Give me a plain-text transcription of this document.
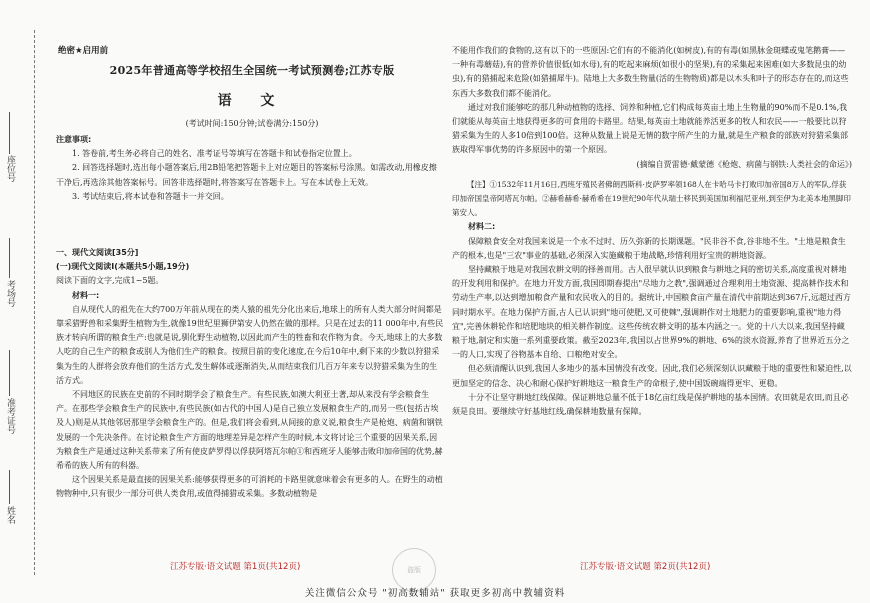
座位号
考场号
准考证号
姓名
绝密★启用前
2025年普通高等学校招生全国统一考试预测卷;江苏专版
语 文
(考试时间:150分钟;试卷满分:150分)

注意事项:

1. 答卷前,考生务必将自己的姓名、准考证号等填写在答题卡和试卷指定位置上。

2. 回答选择题时,选出每小题答案后,用2B铅笔把答题卡上对应题目的答案标号涂黑。如需改动,用橡皮擦干净后,再选涂其他答案标号。回答非选择题时,将答案写在答题卡上。写在本试卷上无效。

3. 考试结束后,将本试卷和答题卡一并交回。

一、现代文阅读[35分]

(一)现代文阅读Ⅰ(本题共5小题,19分)

阅读下面的文字,完成1~5题。

材料一:

自从现代人的祖先在大约700万年前从现在的类人猿的祖先分化出来后,地球上的所有人类大部分时间都是靠采猎野兽和采集野生植物为生,就像19世纪里狮伊第安人仍然在做的那样。只是在过去的11 000年中,有些民族才转向所谓的粮食生产:也就是说,驯化野生动植物,以因此而产生的牲畜和农作物为食。今天,地球上的大多数人吃的自己生产的粮食或别人为他们生产的粮食。按照目前的变化速度,在今后10年中,剩下来的少数以狩猎采集为生的人群将会放弃他们的生活方式,发生解体或逐渐消失,从而结束我们几百万年来专以狩猎采集为生的生活方式。

不同地区的民族在史前的不同时期学会了粮食生产。有些民族,如澳大利亚土著,却从来没有学会粮食生产。在那些学会粮食生产的民族中,有些民族(如古代的中国人)是自己独立发展粮食生产的,而另一些(包括古埃及人)则是从其他邻居那里学会粮食生产的。但是,我们将会看到,从间接的意义说,粮食生产是枪炮、病菌和钢铁发展的一个先决条件。在讨论粮食生产方面的地理差异是怎样产生的时候,本文将讨论三个重要的因果关系,因为粮食生产是通过这种关系带来了所有使皮萨罗得以俘获阿塔瓦尔帕①和西班牙人能够击败印加帝国的优势,赫希希的族人所有的科器。

这个因果关系是最直接的因果关系:能够获得更多的可消耗的卡路里就意味着会有更多的人。在野生的动植物物种中,只有很少一部分可供人类食用,或值得捕猎或采集。多数动植物是

不能用作我们的食物的,这有以下的一些原因:它们有的不能消化(如树皮),有的有毒(如黑脉金斑蝶或鬼笔鹅膏——一种有毒蘑菇),有的营养价值很低(如水母),有的吃起来麻烦(如很小的坚果),有的采集起来困难(如大多数昆虫的幼虫),有的猎捕起来危险(如猎捕犀牛)。陆地上大多数生物量(活的生物物质)都是以木头和叶子的形态存在的,而这些东西大多数我们都不能消化。

通过对我们能够吃的那几种动植物的选择、饲养和种植,它们构成每英亩土地上生物量的90%而不是0.1%,我们就能从每英亩土地获得更多的可食用的卡路里。结果,每英亩土地就能养活更多的牧人和农民——一般要比以狩猎采集为生的人多10倍到100倍。这种从数量上说是无情的数字所产生的力量,就是生产粮食的部族对狩猎采集部族取得军事优势的许多原因中的第一个原因。

(摘编自贾雷德·戴蒙德《枪炮、病菌与钢铁:人类社会的命运》)

【注】①1532年11月16日,西班牙殖民者佛朗西斯科·皮萨罗率领168人在卡哈马卡打败印加帝国8万人的军队,俘获印加帝国皇帝阿塔瓦尔帕。②赫希赫希·赫希希在19世纪90年代从瑞士移民到美国加利福尼亚州,到至伊为北美本地黑脚印第安人。

材料二:

保障粮食安全对我国来说是一个永不过时、历久弥新的长期课题。"民非谷不食,谷非地不生。"土地是粮食生产的根本,也是"三农"事业的基础,必须深入实施藏粮于地战略,珍惜利用好宝贵的耕地资源。

坚持藏粮于地是对我国农耕文明的择善而用。古人很早就认识到粮食与耕地之间的密切关系,高度重视对耕地的开发利用和保护。在地力开发方面,我国即期春提出"尽地力之教",强调通过合理利用土地资源、提高耕作技术和劳动生产率,以达到增加粮食产量和农民收入的目的。据统计,中国粮食亩产量在清代中前期达到367斤,远超过西方同时期水平。在地力保护方面,古人已认识到"地可使肥,又可使棘",强调耕作对土地肥力的重要影响,重视"地力得宜",完善休耕轮作和培肥地块的相关耕作制度。这些传统农耕文明的基本内涵之一。党的十八大以来,我国坚持藏粮于地,制定和实施一系列重要政策。截至2023年,我国以占世界9%的耕地、6%的淡水资源,养育了世界近五分之一的人口,实现了谷物基本自给、口粮绝对安全。

但必须清醒认识到,我国人多地少的基本国情没有改变。因此,我们必须深刻认识藏粮于地的重要性和紧迫性,以更加坚定的信念、决心和耐心保护好耕地这一粮食生产的命根子,使中国饭碗端得更牢、更稳。

十分不让坚守耕地红线保障。保证耕地总量不低于18亿亩红线是保护耕地的基本国情。农田就是农田,而且必须是良田。要继续守好基地红线,确保耕地数量有保障。

江苏专版·语文试题 第1页(共12页)	江苏专版·语文试题 第2页(共12页)
盗版
关注微信公众号 "初高数辅站" 获取更多初高中教辅资料
